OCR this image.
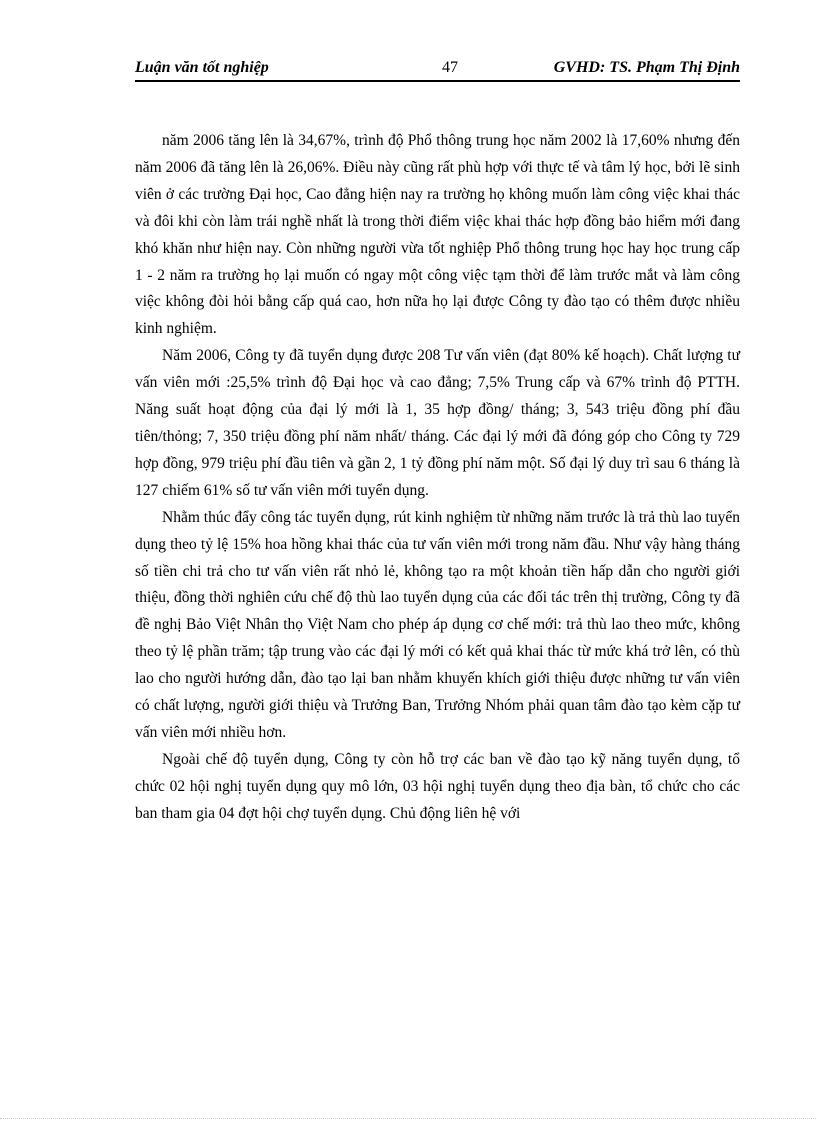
Luận văn tốt nghiệp	47	GVHD: TS. Phạm Thị Định

năm 2006 tăng lên là 34,67%, trình độ Phổ thông trung học năm 2002 là 17,60% nhưng đến năm 2006 đã tăng lên là 26,06%. Điều này cũng rất phù hợp với thực tế và tâm lý học, bởi lẽ sinh viên ở các trường Đại học, Cao đẳng hiện nay ra trường họ không muốn làm công việc khai thác và đôi khi còn làm trái nghề nhất là trong thời điểm việc khai thác hợp đồng bảo hiểm mới đang khó khăn như hiện nay. Còn những người vừa tốt nghiệp Phổ thông trung học hay học trung cấp 1 - 2 năm ra trường họ lại muốn có ngay một công việc tạm thời để làm trước mắt và làm công việc không đòi hỏi bằng cấp quá cao, hơn nữa họ lại được Công ty đào tạo có thêm được nhiều kinh nghiệm.

Năm 2006, Công ty đã tuyển dụng được 208 Tư vấn viên (đạt 80% kế hoạch). Chất lượng tư vấn viên mới :25,5% trình độ Đại học và cao đẳng; 7,5% Trung cấp và 67% trình độ PTTH. Năng suất hoạt động của đại lý mới là 1, 35 hợp đồng/ tháng; 3, 543 triệu đồng phí đầu tiên/thỏng; 7, 350 triệu đồng phí năm nhất/ tháng. Các đại lý mới đã đóng góp cho Công ty 729 hợp đồng, 979 triệu phí đầu tiên và gần 2, 1 tỷ đồng phí năm một. Số đại lý duy trì sau 6 tháng là 127 chiếm 61% số tư vấn viên mới tuyển dụng.

Nhằm thúc đẩy công tác tuyển dụng, rút kinh nghiệm từ những năm trước là trả thù lao tuyển dụng theo tỷ lệ 15% hoa hồng khai thác của tư vấn viên mới trong năm đầu. Như vậy hàng tháng số tiền chi trả cho tư vấn viên rất nhỏ lẻ, không tạo ra một khoản tiền hấp dẫn cho người giới thiệu, đồng thời nghiên cứu chế độ thù lao tuyển dụng của các đối tác trên thị trường, Công ty đã đề nghị Bảo Việt Nhân thọ Việt Nam cho phép áp dụng cơ chế mới: trả thù lao theo mức, không theo tỷ lệ phần trăm; tập trung vào các đại lý mới có kết quả khai thác từ mức khá trở lên, có thù lao cho người hướng dẫn, đào tạo lại ban nhằm khuyến khích giới thiệu được những tư vấn viên có chất lượng, người giới thiệu và Trưởng Ban, Trưởng Nhóm phải quan tâm đào tạo kèm cặp tư vấn viên mới nhiều hơn.

Ngoài chế độ tuyển dụng, Công ty còn hỗ trợ các ban về đào tạo kỹ năng tuyển dụng, tổ chức 02 hội nghị tuyển dụng quy mô lớn, 03 hội nghị tuyển dụng theo địa bàn, tổ chức cho các ban tham gia 04 đợt hội chợ tuyển dụng. Chủ động liên hệ với
